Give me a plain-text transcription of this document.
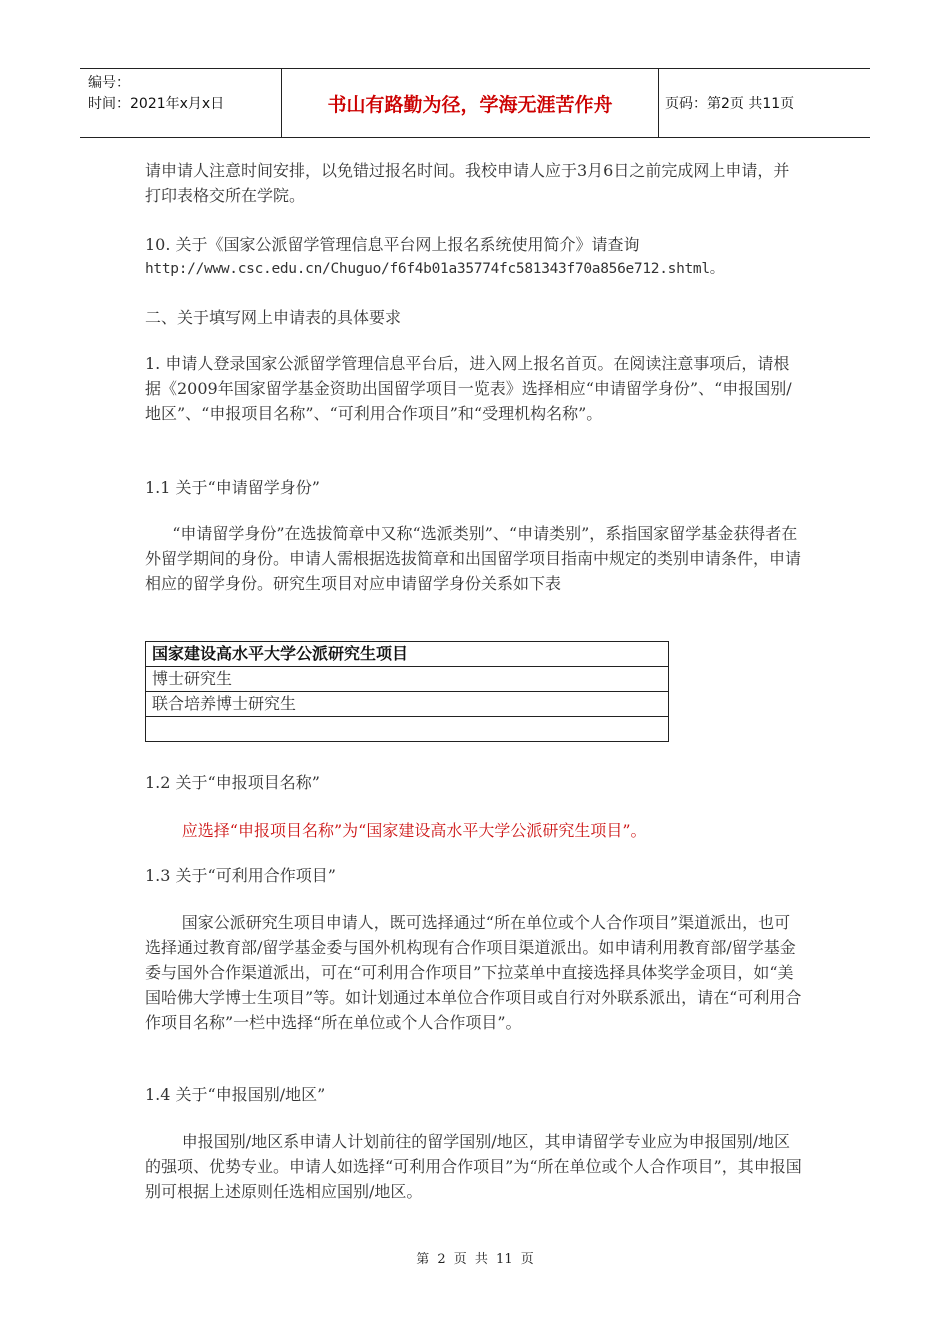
编号：
时间：2021年x月x日	书山有路勤为径，学海无涯苦作舟	页码：第2页 共11页

请申请人注意时间安排，以免错过报名时间。我校申请人应于3月6日之前完成网上申请，并打印表格交所在学院。

10. 关于《国家公派留学管理信息平台网上报名系统使用简介》请查询

http://www.csc.edu.cn/Chuguo/f6f4b01a35774fc581343f70a856e712.shtml。

二、关于填写网上申请表的具体要求

1. 申请人登录国家公派留学管理信息平台后，进入网上报名首页。在阅读注意事项后，请根据《2009年国家留学基金资助出国留学项目一览表》选择相应“申请留学身份”、“申报国别/地区”、“申报项目名称”、“可利用合作项目”和“受理机构名称”。

1.1 关于“申请留学身份”

“申请留学身份”在选拔简章中又称“选派类别”、“申请类别”，系指国家留学基金获得者在外留学期间的身份。申请人需根据选拔简章和出国留学项目指南中规定的类别申请条件，申请相应的留学身份。研究生项目对应申请留学身份关系如下表

国家建设高水平大学公派研究生项目
博士研究生
联合培养博士研究生

1.2 关于“申报项目名称”

应选择“申报项目名称”为“国家建设高水平大学公派研究生项目”。

1.3 关于“可利用合作项目”

国家公派研究生项目申请人，既可选择通过“所在单位或个人合作项目”渠道派出，也可选择通过教育部/留学基金委与国外机构现有合作项目渠道派出。如申请利用教育部/留学基金委与国外合作渠道派出，可在“可利用合作项目”下拉菜单中直接选择具体奖学金项目，如“美国哈佛大学博士生项目”等。如计划通过本单位合作项目或自行对外联系派出，请在“可利用合作项目名称”一栏中选择“所在单位或个人合作项目”。

1.4 关于“申报国别/地区”

申报国别/地区系申请人计划前往的留学国别/地区，其申请留学专业应为申报国别/地区的强项、优势专业。申请人如选择“可利用合作项目”为“所在单位或个人合作项目”，其申报国别可根据上述原则任选相应国别/地区。

第 2 页 共 11 页
